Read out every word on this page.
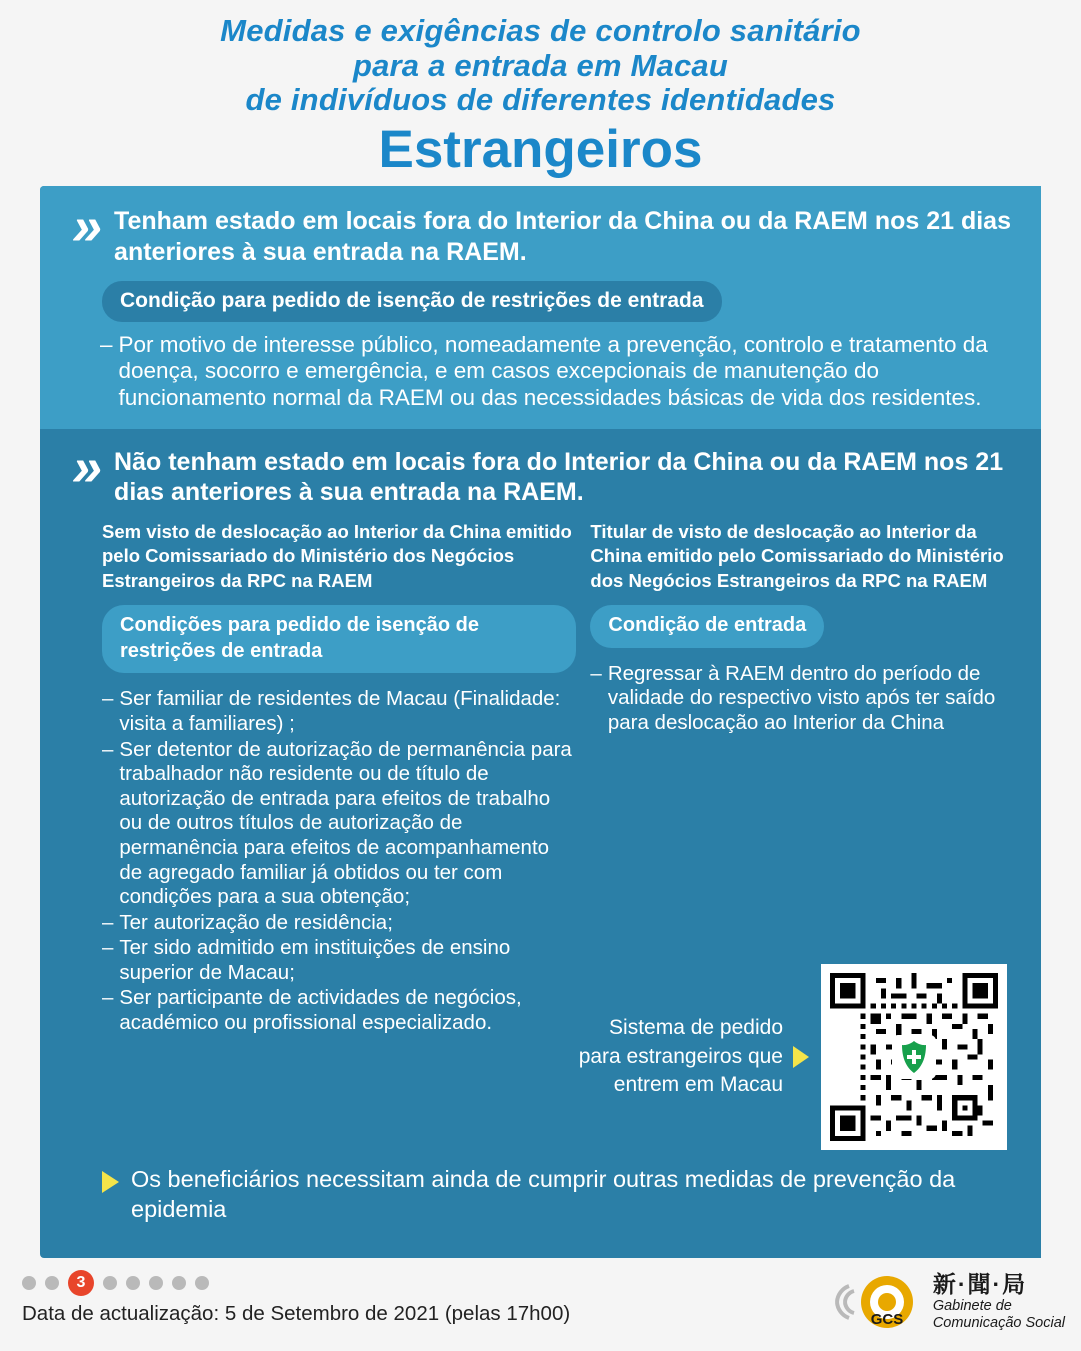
Medidas e exigências de controlo sanitário
para a entrada em Macau
de indivíduos de diferentes identidades
Estrangeiros
» Tenham estado em locais fora do Interior da China ou da RAEM nos 21 dias anteriores à sua entrada na RAEM.
Condição para pedido de isenção de restrições de entrada
– Por motivo de interesse público, nomeadamente a prevenção, controlo e tratamento da doença, socorro e emergência, e em casos excepcionais de manutenção do funcionamento normal da RAEM ou das necessidades básicas de vida dos residentes.
» Não tenham estado em locais fora do Interior da China ou da RAEM nos 21 dias anteriores à sua entrada na RAEM.
Sem visto de deslocação ao Interior da China emitido pelo Comissariado do Ministério dos Negócios Estrangeiros da RPC na RAEM
Condições para pedido de isenção de restrições de entrada
– Ser familiar de residentes de Macau (Finalidade: visita a familiares) ;
– Ser detentor de autorização de permanência para trabalhador não residente ou de título de autorização de entrada para efeitos de trabalho ou de outros títulos de autorização de permanência para efeitos de acompanhamento de agregado familiar já obtidos ou ter com condições para a sua obtenção;
– Ter autorização de residência;
– Ter sido admitido em instituições de ensino superior de Macau;
– Ser participante de actividades de negócios, académico ou profissional especializado.
Titular de visto de deslocação ao Interior da China emitido pelo Comissariado do Ministério dos Negócios Estrangeiros da RPC na RAEM
Condição de entrada
– Regressar à RAEM dentro do período de validade do respectivo visto após ter saído para deslocação ao Interior da China
Sistema de pedido
para estrangeiros que
entrem em Macau
Os beneficiários necessitam ainda de cumprir outras medidas de prevenção da epidemia
3
Data de actualização: 5 de Setembro de 2021 (pelas 17h00)	GCS
新·聞·局
Gabinete de
Comunicação Social
